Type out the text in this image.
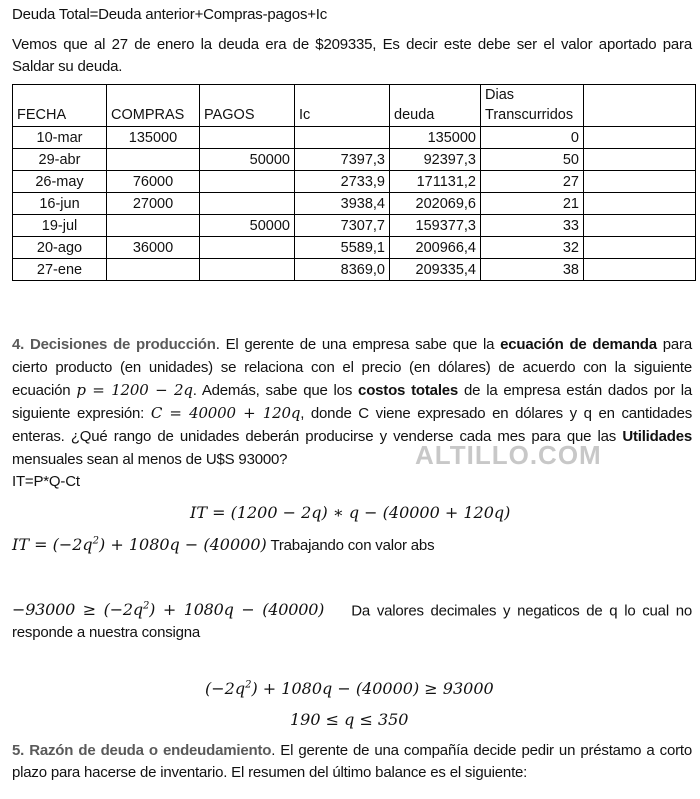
Deuda Total=Deuda anterior+Compras-pagos+Ic
Vemos que al 27 de enero la deuda era de $209335, Es decir este debe ser el valor aportado para Saldar su deuda.
FECHA	COMPRAS	PAGOS	Ic	deuda	Dias
Transcurridos	
10-mar	135000			135000	0	
29-abr		50000	7397,3	92397,3	50	
26-may	76000		2733,9	171131,2	27	
16-jun	27000		3938,4	202069,6	21	
19-jul		50000	7307,7	159377,3	33	
20-ago	36000		5589,1	200966,4	32	
27-ene			8369,0	209335,4	38	
4. Decisiones de producción. El gerente de una empresa sabe que la ecuación de demanda para cierto producto (en unidades) se relaciona con el precio (en dólares) de acuerdo con la siguiente ecuación p = 1200 − 2q. Además, sabe que los costos totales de la empresa están dados por la siguiente expresión: C = 40000 + 120q, donde C viene expresado en dólares y q en cantidades enteras. ¿Qué rango de unidades deberán producirse y venderse cada mes para que las Utilidades mensuales sean al menos de U$S 93000?	ALTILLO.COM
IT=P*Q-Ct
IT = (1200 − 2q) ∗ q − (40000 + 120q)
IT = $(-2q^2) + 1080q - (40000)$ Trabajando con valor abs
$-93000 \ge (-2q^2) + 1080q - (40000)$ Da valores decimales y negaticos de q lo cual no responde a nuestra consigna
$(-2q^2) + 1080q - (40000) \ge 93000$
190 ≤ q ≤ 350
5. Razón de deuda o endeudamiento. El gerente de una compañía decide pedir un préstamo a corto plazo para hacerse de inventario. El resumen del último balance es el siguiente:
